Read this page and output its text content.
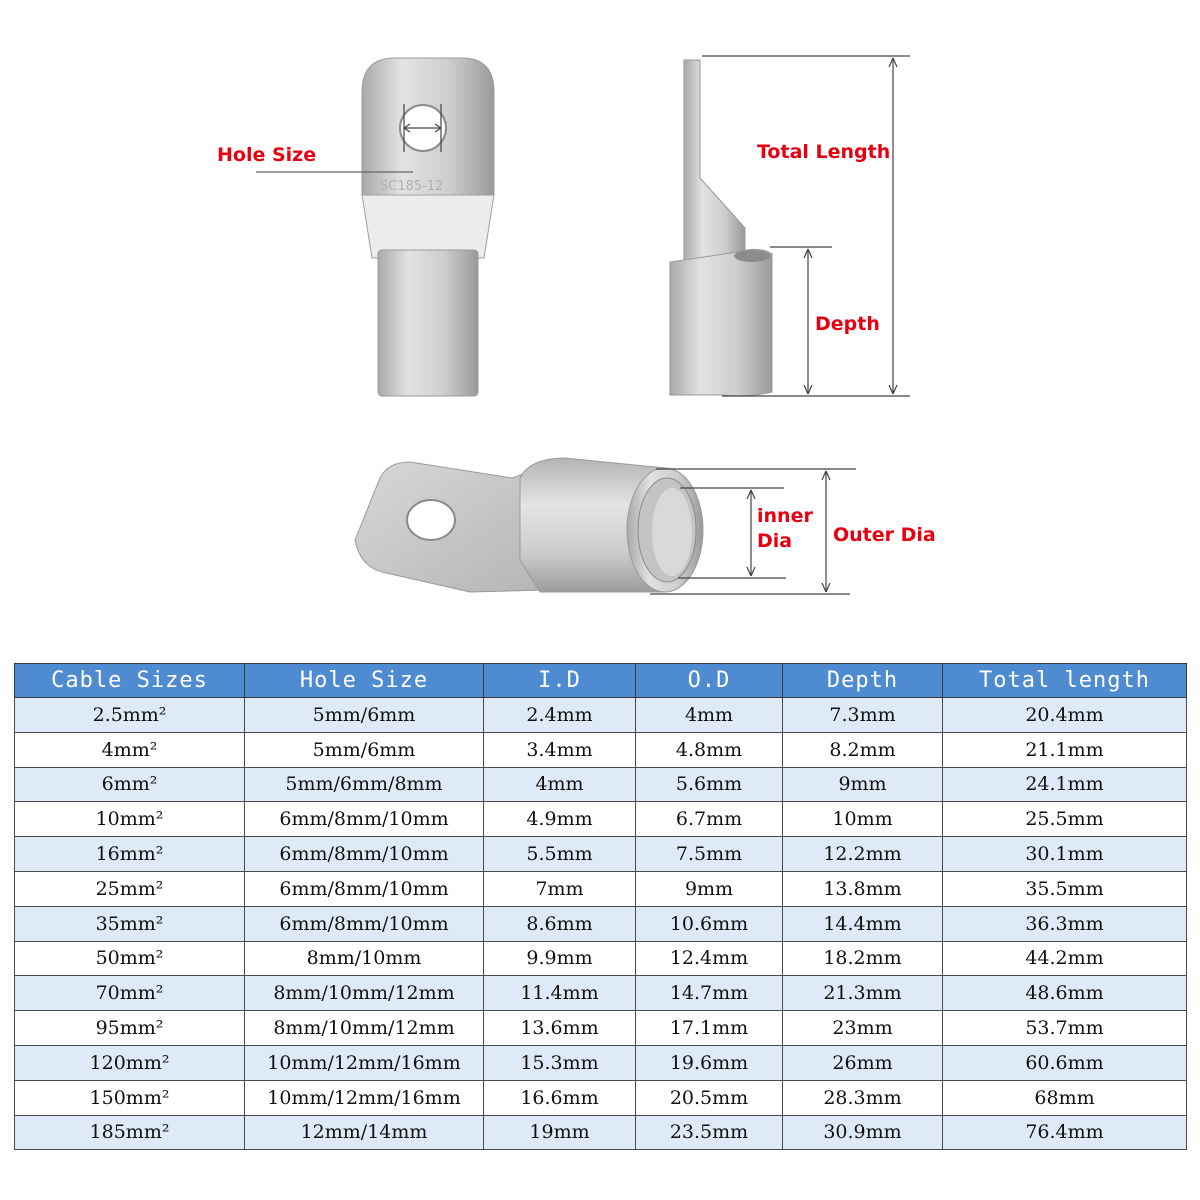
SC185-12
Hole Size	Total Length
Depth
inner
Dia Outer Dia
Cable Sizes	Hole Size	I.D	O.D	Depth	Total length
2.5mm²	5mm/6mm	2.4mm	4mm	7.3mm	20.4mm
4mm²	5mm/6mm	3.4mm	4.8mm	8.2mm	21.1mm
6mm²	5mm/6mm/8mm	4mm	5.6mm	9mm	24.1mm
10mm²	6mm/8mm/10mm	4.9mm	6.7mm	10mm	25.5mm
16mm²	6mm/8mm/10mm	5.5mm	7.5mm	12.2mm	30.1mm
25mm²	6mm/8mm/10mm	7mm	9mm	13.8mm	35.5mm
35mm²	6mm/8mm/10mm	8.6mm	10.6mm	14.4mm	36.3mm
50mm²	8mm/10mm	9.9mm	12.4mm	18.2mm	44.2mm
70mm²	8mm/10mm/12mm	11.4mm	14.7mm	21.3mm	48.6mm
95mm²	8mm/10mm/12mm	13.6mm	17.1mm	23mm	53.7mm
120mm²	10mm/12mm/16mm	15.3mm	19.6mm	26mm	60.6mm
150mm²	10mm/12mm/16mm	16.6mm	20.5mm	28.3mm	68mm
185mm²	12mm/14mm	19mm	23.5mm	30.9mm	76.4mm
